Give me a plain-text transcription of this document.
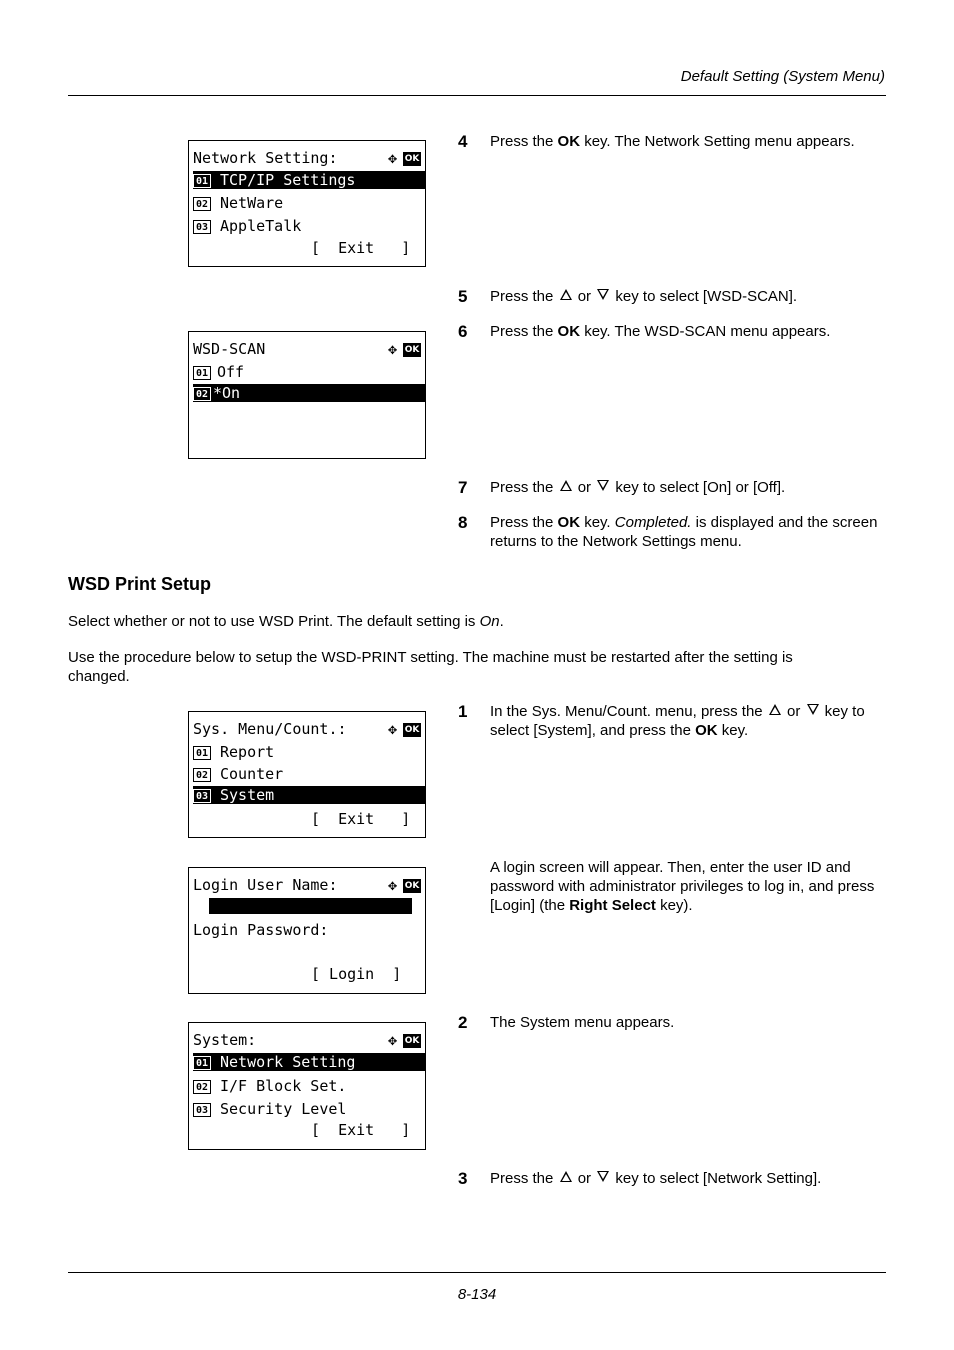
Default Setting (System Menu)
Network Setting:	✥ OK
01 TCP/IP Settings
02 NetWare
03 AppleTalk
[  Exit   ]
WSD-SCAN	✥ OK
01 Off
02 *On
4 Press the OK key. The Network Setting menu appears.
5 Press the  or  key to select [WSD-SCAN].
6 Press the OK key. The WSD-SCAN menu appears.
7 Press the  or  key to select [On] or [Off].
8 Press the OK key. Completed. is displayed and the screen returns to the Network Settings menu.
WSD Print Setup
Select whether or not to use WSD Print. The default setting is On.
Use the procedure below to setup the WSD-PRINT setting. The machine must be restarted after the setting is changed.
Sys. Menu/Count.:	✥ OK
01 Report
02 Counter
03 System
[  Exit   ]
Login User Name:	✥ OK
Login Password:
[ Login  ]
System:	✥ OK
01 Network Setting
02 I/F Block Set.
03 Security Level
[  Exit   ]
1 In the Sys. Menu/Count. menu, press the  or  key to select [System], and press the OK key.
A login screen will appear. Then, enter the user ID and password with administrator privileges to log in, and press [Login] (the Right Select key).
2 The System menu appears.
3 Press the  or  key to select [Network Setting].
8-134
